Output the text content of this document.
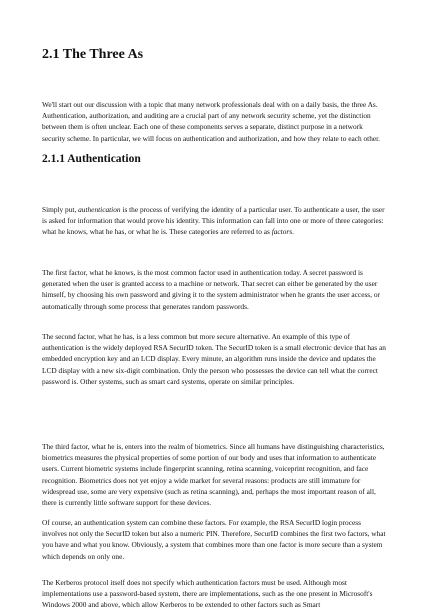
2.1 The Three As

We'll start out our discussion with a topic that many network professionals deal with on a daily basis, the three As. Authentication, authorization, and auditing are a crucial part of any network security scheme, yet the distinction between them is often unclear. Each one of these components serves a separate, distinct purpose in a network security scheme. In particular, we will focus on authentication and authorization, and how they relate to each other.

2.1.1 Authentication

Simply put, authentication is the process of verifying the identity of a particular user. To authenticate a user, the user is asked for information that would prove his identity. This information can fall into one or more of three categories: what he knows, what he has, or what he is. These categories are referred to as factors.

The first factor, what he knows, is the most common factor used in authentication today. A secret password is generated when the user is granted access to a machine or network. That secret can either be generated by the user himself, by choosing his own password and giving it to the system administrator when he grants the user access, or automatically through some process that generates random passwords.

The second factor, what he has, is a less common but more secure alternative. An example of this type of authentication is the widely deployed RSA SecurID token. The SecurID token is a small electronic device that has an embedded encryption key and an LCD display. Every minute, an algorithm runs inside the device and updates the LCD display with a new six-digit combination. Only the person who possesses the device can tell what the correct password is. Other systems, such as smart card systems, operate on similar principles.

The third factor, what he is, enters into the realm of biometrics. Since all humans have distinguishing characteristics, biometrics measures the physical properties of some portion of our body and uses that information to authenticate users. Current biometric systems include fingerprint scanning, retina scanning, voiceprint recognition, and face recognition. Biometrics does not yet enjoy a wide market for several reasons: products are still immature for widespread use, some are very expensive (such as retina scanning), and, perhaps the most important reason of all, there is currently little software support for these devices.

Of course, an authentication system can combine these factors. For example, the RSA SecurID login process involves not only the SecurID token but also a numeric PIN. Therefore, SecurID combines the first two factors, what you have and what you know. Obviously, a system that combines more than one factor is more secure than a system which depends on only one.

The Kerberos protocol itself does not specify which authentication factors must be used. Although most implementations use a password-based system, there are implementations, such as the one present in Microsoft's Windows 2000 and above, which allow Kerberos to be extended to other factors such as Smart
